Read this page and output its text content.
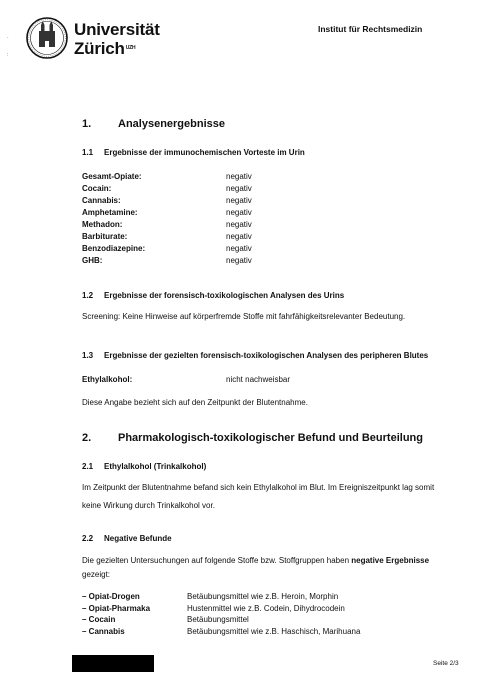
Universität
Zürich$^{UZH}$
Institut für Rechtsmedizin
·
:
1. Analysenergebnisse
1.1 Ergebnisse der immunochemischen Vorteste im Urin
Gesamt-Opiate:	negativ
Cocain:	negativ
Cannabis:	negativ
Amphetamine:	negativ
Methadon:	negativ
Barbiturate:	negativ
Benzodiazepine:	negativ
GHB:	negativ
1.2 Ergebnisse der forensisch-toxikologischen Analysen des Urins
Screening: Keine Hinweise auf körperfremde Stoffe mit fahrfähigkeitsrelevanter Bedeutung.
1.3 Ergebnisse der gezielten forensisch-toxikologischen Analysen des peripheren Blutes
Ethylalkohol:	nicht nachweisbar
Diese Angabe bezieht sich auf den Zeitpunkt der Blutentnahme.
2. Pharmakologisch-toxikologischer Befund und Beurteilung
2.1 Ethylalkohol (Trinkalkohol)
Im Zeitpunkt der Blutentnahme befand sich kein Ethylalkohol im Blut. Im Ereigniszeitpunkt lag somit
keine Wirkung durch Trinkalkohol vor.
2.2 Negative Befunde
Die gezielten Untersuchungen auf folgende Stoffe bzw. Stoffgruppen haben negative Ergebnisse
gezeigt:
– Opiat-Drogen	Betäubungsmittel wie z.B. Heroin, Morphin
– Opiat-Pharmaka	Hustenmittel wie z.B. Codein, Dihydrocodein
– Cocain	Betäubungsmittel
– Cannabis	Betäubungsmittel wie z.B. Haschisch, Marihuana
Seite 2/3
